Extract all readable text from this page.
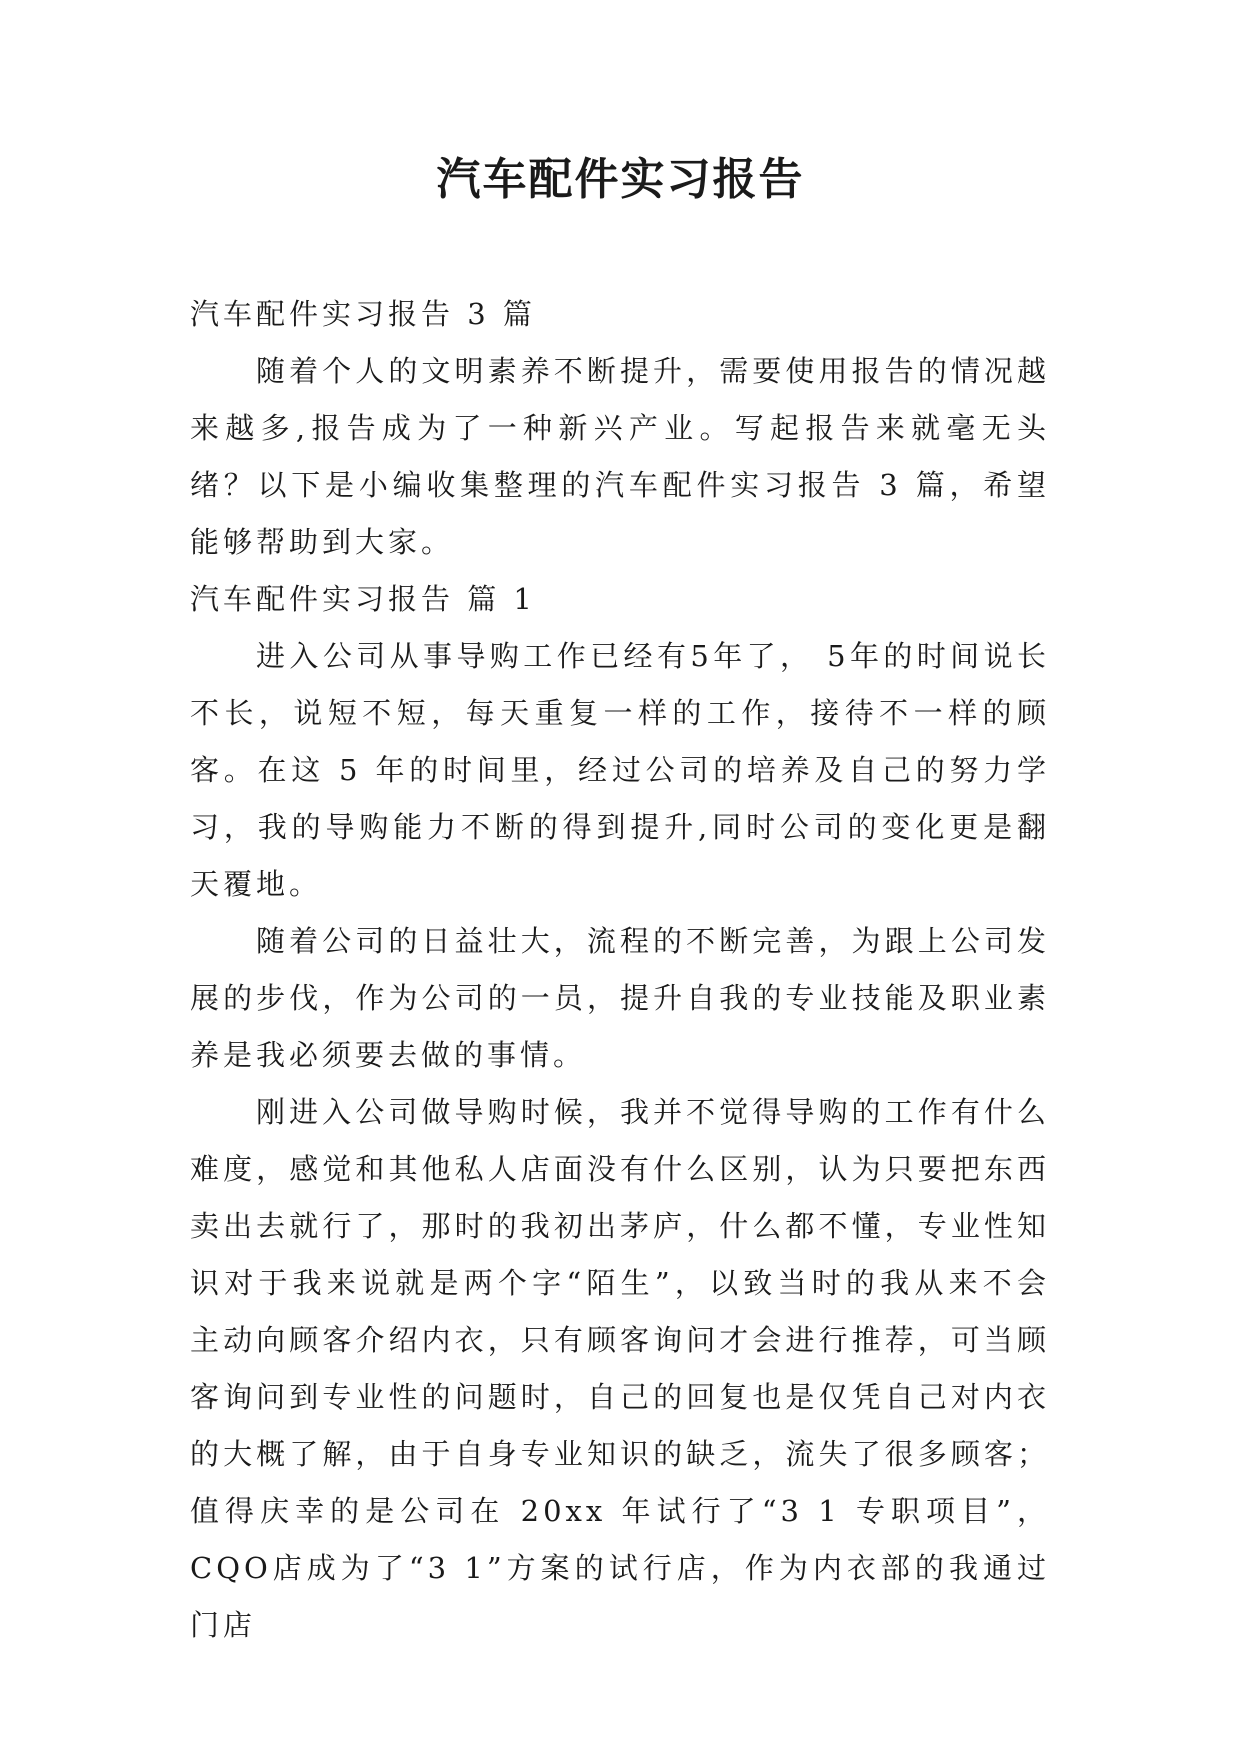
汽车配件实习报告

汽车配件实习报告 3 篇

随着个人的文明素养不断提升，需要使用报告的情况越来越多,报告成为了一种新兴产业。写起报告来就毫无头绪？以下是小编收集整理的汽车配件实习报告 3 篇，希望能够帮助到大家。

汽车配件实习报告 篇 1

进入公司从事导购工作已经有5年了， 5年的时间说长不长，说短不短，每天重复一样的工作，接待不一样的顾客。在这 5 年的时间里，经过公司的培养及自己的努力学习，我的导购能力不断的得到提升,同时公司的变化更是翻天覆地。

随着公司的日益壮大，流程的不断完善，为跟上公司发展的步伐，作为公司的一员，提升自我的专业技能及职业素养是我必须要去做的事情。

刚进入公司做导购时候，我并不觉得导购的工作有什么难度，感觉和其他私人店面没有什么区别，认为只要把东西卖出去就行了，那时的我初出茅庐，什么都不懂，专业性知识对于我来说就是两个字“陌生”，以致当时的我从来不会主动向顾客介绍内衣，只有顾客询问才会进行推荐，可当顾客询问到专业性的问题时，自己的回复也是仅凭自己对内衣的大概了解，由于自身专业知识的缺乏，流失了很多顾客；值得庆幸的是公司在 20xx 年试行了“3 1 专职项目”， CQO店成为了“3 1”方案的试行店，作为内衣部的我通过门店
